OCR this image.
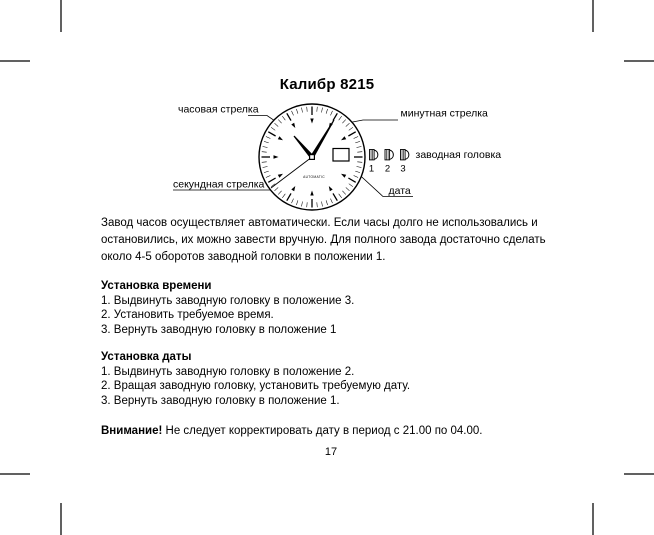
Калибр 8215
AUTOMATIC
1 2 3
часовая стрелка	минутная стрелка
секундная стрелка
заводная головка
дата
Завод часов осуществляет автоматически. Если часы долго не использовались и
остановились, их можно завести вручную. Для полного завода достаточно сделать
около 4-5 оборотов заводной головки в положении 1.
Установка времени
1. Выдвинуть заводную головку в положение 3.
2. Установить требуемое время.
3. Вернуть заводную головку в положение 1
Установка даты
1. Выдвинуть заводную головку в положение 2.
2. Вращая заводную головку, установить требуемую дату.
3. Вернуть заводную головку в положение 1.
Внимание! Не следует корректировать дату в период с 21.00 по 04.00.
17
